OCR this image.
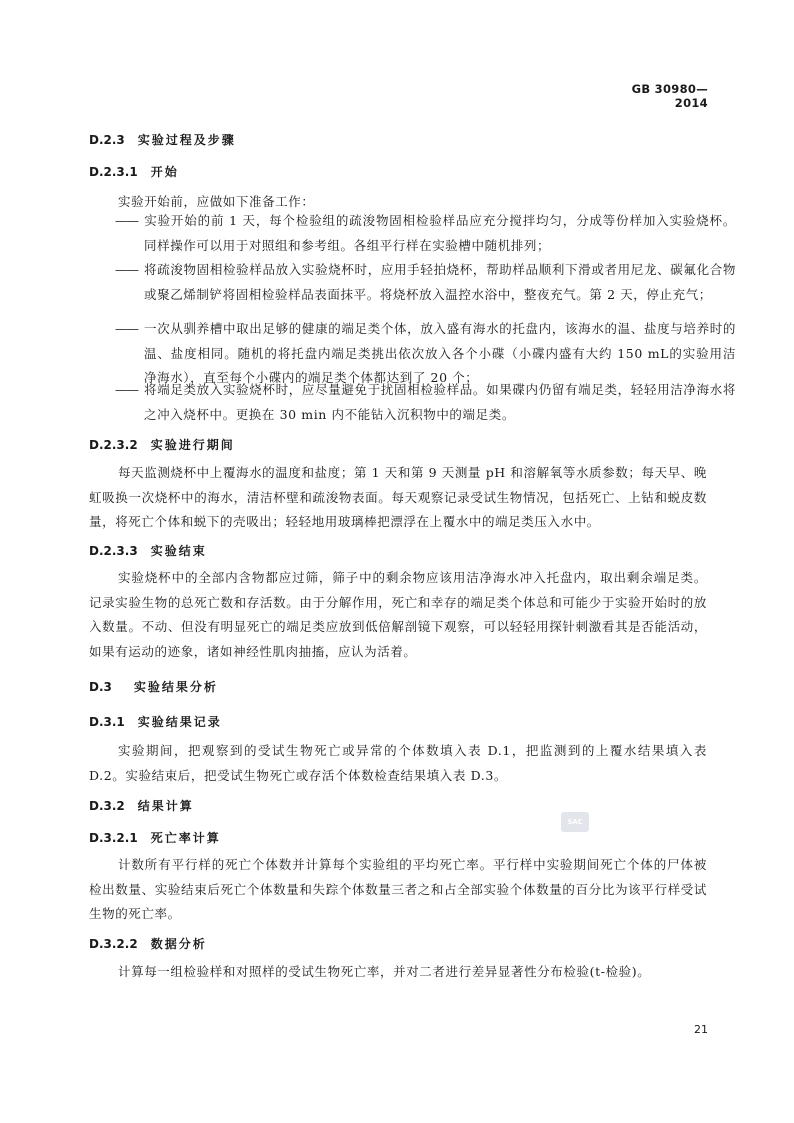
GB 30980—2014
D.2.3 实验过程及步骤
D.2.3.1 开始

实验开始前，应做如下准备工作：

—— 实验开始的前 1 天，每个检验组的疏浚物固相检验样品应充分搅拌均匀，分成等份样加入实验烧杯。同样操作可以用于对照组和参考组。各组平行样在实验槽中随机排列；

—— 将疏浚物固相检验样品放入实验烧杯时，应用手轻拍烧杯，帮助样品顺利下滑或者用尼龙、碳氟化合物或聚乙烯制铲将固相检验样品表面抹平。将烧杯放入温控水浴中，整夜充气。第 2 天，停止充气；

—— 一次从驯养槽中取出足够的健康的端足类个体，放入盛有海水的托盘内，该海水的温、盐度与培养时的温、盐度相同。随机的将托盘内端足类挑出依次放入各个小碟（小碟内盛有大约 150 mL的实验用洁净海水），直至每个小碟内的端足类个体都达到了 20 个；

—— 将端足类放入实验烧杯时，应尽量避免于扰固相检验样品。如果碟内仍留有端足类，轻轻用洁净海水将之冲入烧杯中。更换在 30 min 内不能钻入沉积物中的端足类。

D.2.3.2 实验进行期间

每天监测烧杯中上覆海水的温度和盐度；第 1 天和第 9 天测量 pH 和溶解氧等水质参数；每天早、晚虹吸换一次烧杯中的海水，清洁杯壁和疏浚物表面。每天观察记录受试生物情况，包括死亡、上钻和蜕皮数量，将死亡个体和蜕下的壳吸出；轻轻地用玻璃棒把漂浮在上覆水中的端足类压入水中。

D.2.3.3 实验结束

实验烧杯中的全部内含物都应过筛，筛子中的剩余物应该用洁净海水冲入托盘内，取出剩余端足类。记录实验生物的总死亡数和存活数。由于分解作用，死亡和幸存的端足类个体总和可能少于实验开始时的放入数量。不动、但没有明显死亡的端足类应放到低倍解剖镜下观察，可以轻轻用探针刺激看其是否能活动，如果有运动的迹象，诸如神经性肌肉抽搐，应认为活着。

D.3 实验结果分析
D.3.1 实验结果记录

实验期间，把观察到的受试生物死亡或异常的个体数填入表 D.1，把监测到的上覆水结果填入表 D.2。实验结束后，把受试生物死亡或存活个体数检查结果填入表 D.3。

D.3.2 结果计算
D.3.2.1 死亡率计算

计数所有平行样的死亡个体数并计算每个实验组的平均死亡率。平行样中实验期间死亡个体的尸体被检出数量、实验结束后死亡个体数量和失踪个体数量三者之和占全部实验个体数量的百分比为该平行样受试生物的死亡率。

D.3.2.2 数据分析

计算每一组检验样和对照样的受试生物死亡率，并对二者进行差异显著性分布检验(t-检验)。

SAC
21
